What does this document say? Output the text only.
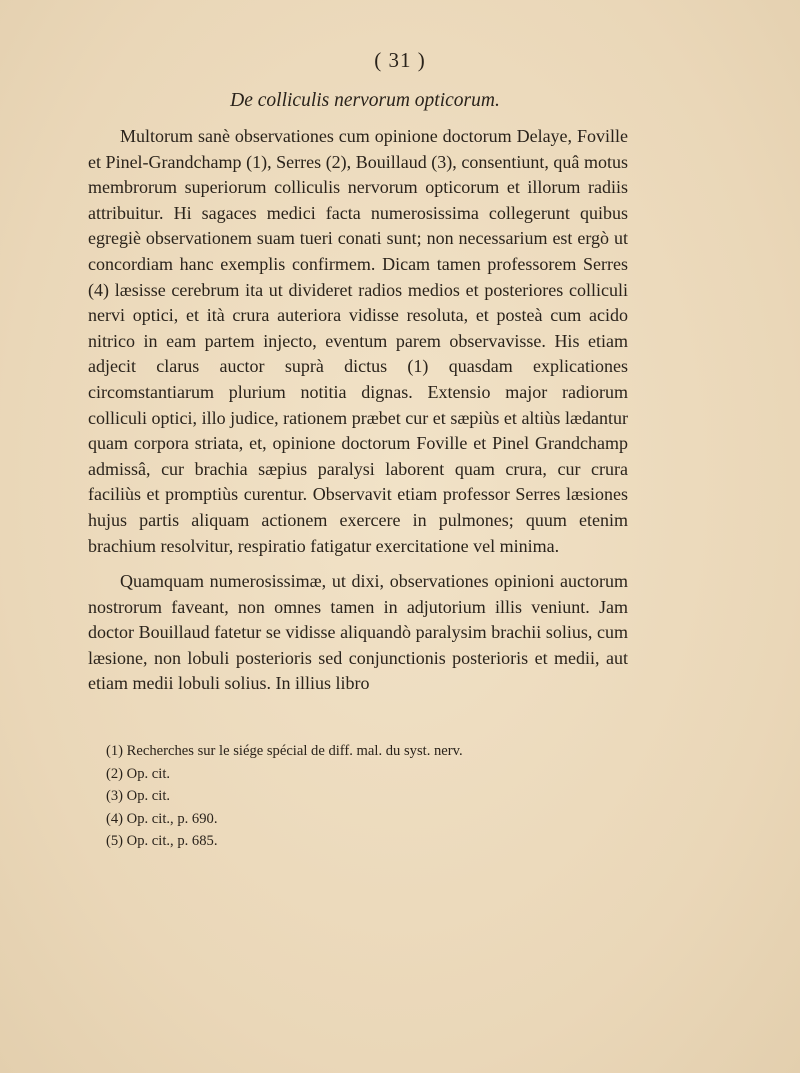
( 31 )
De colliculis nervorum opticorum.

Multorum sanè observationes cum opinione doctorum Delaye, Foville et Pinel-Grandchamp (1), Serres (2), Bouillaud (3), consentiunt, quâ motus membrorum superiorum colliculis nervorum opticorum et illorum radiis attribuitur. Hi sagaces medici facta numerosissima collegerunt quibus egregiè observationem suam tueri conati sunt; non necessarium est ergò ut concordiam hanc exemplis confirmem. Dicam tamen professorem Serres (4) læsisse cerebrum ita ut divideret radios medios et posteriores colliculi nervi optici, et ità crura auteriora vidisse resoluta, et posteà cum acido nitrico in eam partem injecto, eventum parem observavisse. His etiam adjecit clarus auctor suprà dictus (1) quasdam explicationes circomstantiarum plurium notitia dignas. Extensio major radiorum colliculi optici, illo judice, rationem præbet cur et sæpiùs et altiùs lædantur quam corpora striata, et, opinione doctorum Foville et Pinel Grandchamp admissâ, cur brachia sæpius paralysi laborent quam crura, cur crura faciliùs et promptiùs curentur. Observavit etiam professor Serres læsiones hujus partis aliquam actionem exercere in pulmones; quum etenim brachium resolvitur, respiratio fatigatur exercitatione vel minima.

Quamquam numerosissimæ, ut dixi, observationes opinioni auctorum nostrorum faveant, non omnes tamen in adjutorium illis veniunt. Jam doctor Bouillaud fatetur se vidisse aliquandò paralysim brachii solius, cum læsione, non lobuli posterioris sed conjunctionis posterioris et medii, aut etiam medii lobuli solius. In illius libro

(1) Recherches sur le siége spécial de diff. mal. du syst. nerv.
(2) Op. cit.
(3) Op. cit.
(4) Op. cit., p. 690.
(5) Op. cit., p. 685.
